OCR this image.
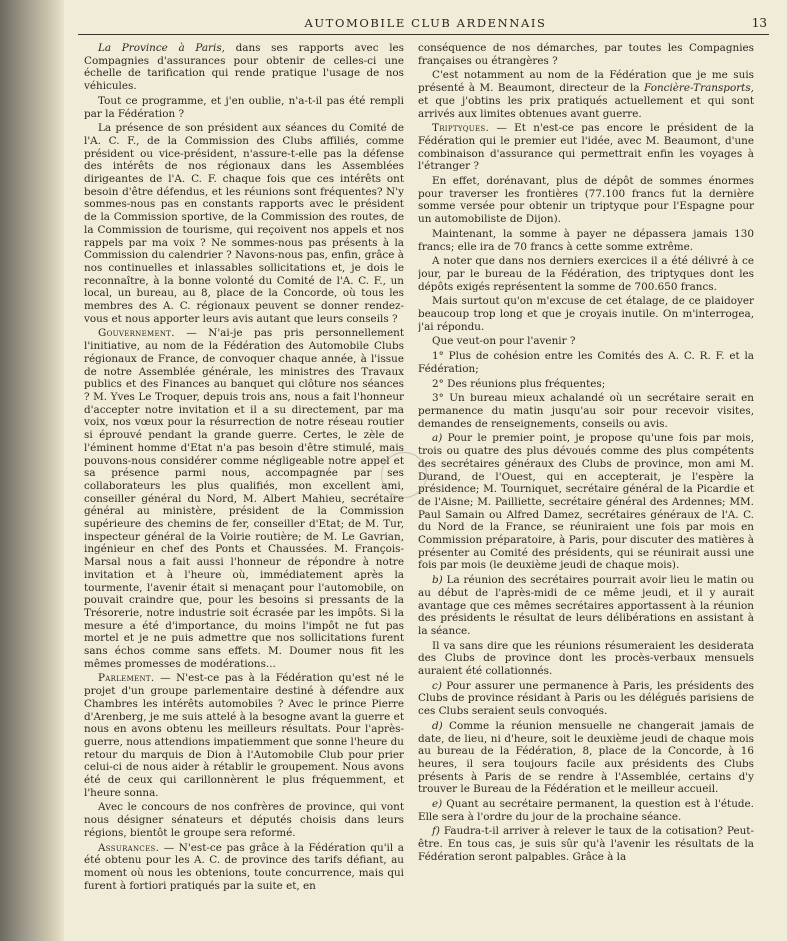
AUTOMOBILE CLUB ARDENNAIS	13

La Province à Paris, dans ses rapports avec les Compagnies d'assurances pour obtenir de celles-ci une échelle de tarification qui rende pratique l'usage de nos véhicules.

Tout ce programme, et j'en oublie, n'a-t-il pas été rempli par la Fédération ?

La présence de son président aux séances du Comité de l'A. C. F., de la Commission des Clubs affiliés, comme président ou vice-président, n'assure-t-elle pas la défense des intérêts de nos régionaux dans les Assemblées dirigeantes de l'A. C. F. chaque fois que ces intérêts ont besoin d'être défendus, et les réunions sont fréquentes? N'y sommes-nous pas en constants rapports avec le président de la Commission sportive, de la Commission des routes, de la Commission de tourisme, qui reçoivent nos appels et nos rappels par ma voix ? Ne sommes-nous pas présents à la Commission du calendrier ? Navons-nous pas, enfin, grâce à nos continuelles et inlassables sollicitations et, je dois le reconnaître, à la bonne volonté du Comité de l'A. C. F., un local, un bureau, au 8, place de la Concorde, où tous les membres des A. C. régionaux peuvent se donner rendez-vous et nous apporter leurs avis autant que leurs conseils ?

Gouvernement. — N'ai-je pas pris personnellement l'initiative, au nom de la Fédération des Automobile Clubs régionaux de France, de convoquer chaque année, à l'issue de notre Assemblée générale, les ministres des Travaux publics et des Finances au banquet qui clôture nos séances ? M. Yves Le Troquer, depuis trois ans, nous a fait l'honneur d'accepter notre invitation et il a su directement, par ma voix, nos vœux pour la résurrection de notre réseau routier si éprouvé pendant la grande guerre. Certes, le zèle de l'éminent homme d'Etat n'a pas besoin d'être stimulé, mais pouvons-nous considérer comme négligeable notre appel et sa présence parmi nous, accompagnée par ses collaborateurs les plus qualifiés, mon excellent ami, conseiller général du Nord, M. Albert Mahieu, secrétaire général au ministère, président de la Commission supérieure des chemins de fer, conseiller d'Etat; de M. Tur, inspecteur général de la Voirie routière; de M. Le Gavrian, ingénieur en chef des Ponts et Chaussées. M. François-Marsal nous a fait aussi l'honneur de répondre à notre invitation et à l'heure où, immédiatement après la tourmente, l'avenir était si menaçant pour l'automobile, on pouvait craindre que, pour les besoins si pressants de la Trésorerie, notre industrie soit écrasée par les impôts. Si la mesure a été d'importance, du moins l'impôt ne fut pas mortel et je ne puis admettre que nos sollicitations furent sans échos comme sans effets. M. Doumer nous fit les mêmes promesses de modérations...

Parlement. — N'est-ce pas à la Fédération qu'est né le projet d'un groupe parlementaire destiné à défendre aux Chambres les intérêts automobiles ? Avec le prince Pierre d'Arenberg, je me suis attelé à la besogne avant la guerre et nous en avons obtenu les meilleurs résultats. Pour l'après-guerre, nous attendions impatiemment que sonne l'heure du retour du marquis de Dion à l'Automobile Club pour prier celui-ci de nous aider à rétablir le groupement. Nous avons été de ceux qui carillonnèrent le plus fréquemment, et l'heure sonna.

Avec le concours de nos confrères de province, qui vont nous désigner sénateurs et députés choisis dans leurs régions, bientôt le groupe sera reformé.

Assurances. — N'est-ce pas grâce à la Fédération qu'il a été obtenu pour les A. C. de province des tarifs défiant, au moment où nous les obtenions, toute concurrence, mais qui furent à fortiori pratiqués par la suite et, en

conséquence de nos démarches, par toutes les Compagnies françaises ou étrangères ?

C'est notamment au nom de la Fédération que je me suis présenté à M. Beaumont, directeur de la Foncière-Transports, et que j'obtins les prix pratiqués actuellement et qui sont arrivés aux limites obtenues avant guerre.

Triptyques. — Et n'est-ce pas encore le président de la Fédération qui le premier eut l'idée, avec M. Beaumont, d'une combinaison d'assurance qui permettrait enfin les voyages à l'étranger ?

En effet, dorénavant, plus de dépôt de sommes énormes pour traverser les frontières (77.100 francs fut la dernière somme versée pour obtenir un triptyque pour l'Espagne pour un automobiliste de Dijon).

Maintenant, la somme à payer ne dépassera jamais 130 francs; elle ira de 70 francs à cette somme extrême.

A noter que dans nos derniers exercices il a été délivré à ce jour, par le bureau de la Fédération, des triptyques dont les dépôts exigés représentent la somme de 700.650 francs.

Mais surtout qu'on m'excuse de cet étalage, de ce plaidoyer beaucoup trop long et que je croyais inutile. On m'interrogea, j'ai répondu.

Que veut-on pour l'avenir ?

1° Plus de cohésion entre les Comités des A. C. R. F. et la Fédération;

2° Des réunions plus fréquentes;

3° Un bureau mieux achalandé où un secrétaire serait en permanence du matin jusqu'au soir pour recevoir visites, demandes de renseignements, conseils ou avis.

a) Pour le premier point, je propose qu'une fois par mois, trois ou quatre des plus dévoués comme des plus compétents des secrétaires généraux des Clubs de province, mon ami M. Durand, de l'Ouest, qui en accepterait, je l'espère la présidence; M. Tourniquet, secrétaire général de la Picardie et de l'Aisne; M. Pailliette, secrétaire général des Ardennes; MM. Paul Samain ou Alfred Damez, secrétaires généraux de l'A. C. du Nord de la France, se réuniraient une fois par mois en Commission préparatoire, à Paris, pour discuter des matières à présenter au Comité des présidents, qui se réunirait aussi une fois par mois (le deuxième jeudi de chaque mois).

b) La réunion des secrétaires pourrait avoir lieu le matin ou au début de l'après-midi de ce même jeudi, et il y aurait avantage que ces mêmes secrétaires apportassent à la réunion des présidents le résultat de leurs délibérations en assistant à la séance.

Il va sans dire que les réunions résumeraient les desiderata des Clubs de province dont les procès-verbaux mensuels auraient été collationnés.

c) Pour assurer une permanence à Paris, les présidents des Clubs de province résidant à Paris ou les délégués parisiens de ces Clubs seraient seuls convoqués.

d) Comme la réunion mensuelle ne changerait jamais de date, de lieu, ni d'heure, soit le deuxième jeudi de chaque mois au bureau de la Fédération, 8, place de la Concorde, à 16 heures, il sera toujours facile aux présidents des Clubs présents à Paris de se rendre à l'Assemblée, certains d'y trouver le Bureau de la Fédération et le meilleur accueil.

e) Quant au secrétaire permanent, la question est à l'étude. Elle sera à l'ordre du jour de la prochaine séance.

f) Faudra-t-il arriver à relever le taux de la cotisation? Peut-être. En tous cas, je suis sûr qu'à l'avenir les résultats de la Fédération seront palpables. Grâce à la
